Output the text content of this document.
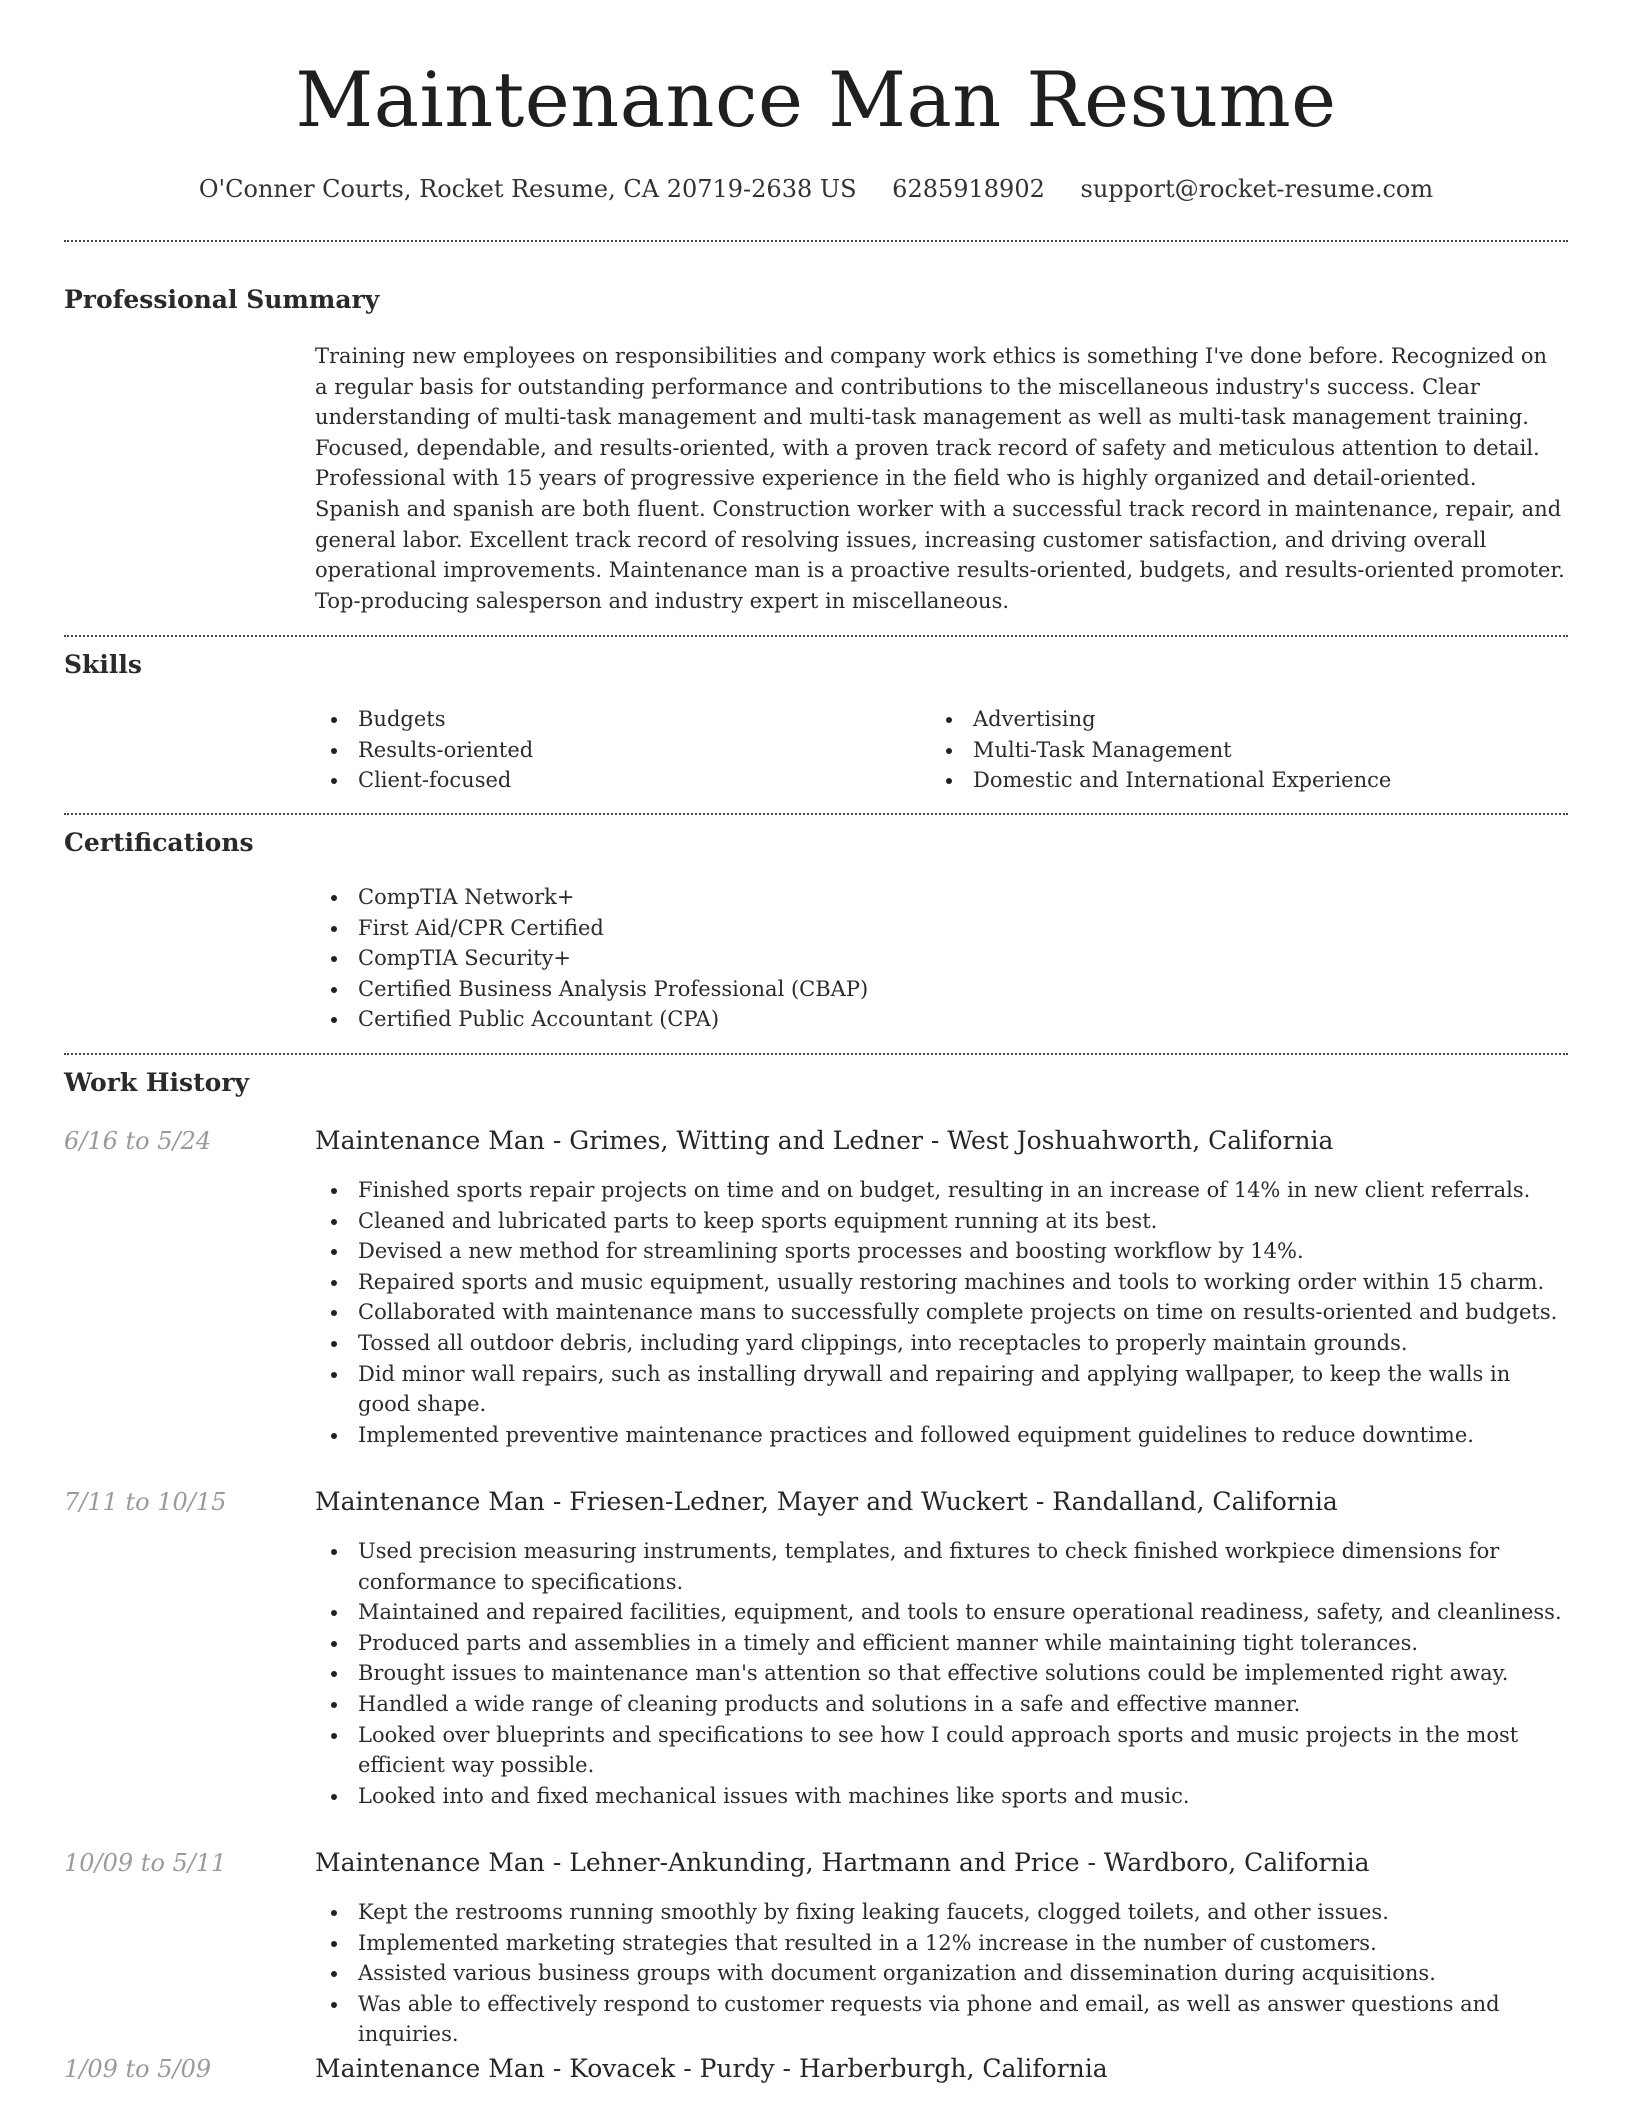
Maintenance Man Resume
O'Conner Courts, Rocket Resume, CA 20719-2638 US 6285918902 support@rocket-resume.com
Professional Summary

Training new employees on responsibilities and company work ethics is something I've done before. Recognized on a regular basis for outstanding performance and contributions to the miscellaneous industry's success. Clear understanding of multi-task management and multi-task management as well as multi-task management training. Focused, dependable, and results-oriented, with a proven track record of safety and meticulous attention to detail. Professional with 15 years of progressive experience in the field who is highly organized and detail-oriented. Spanish and spanish are both fluent. Construction worker with a successful track record in maintenance, repair, and general labor. Excellent track record of resolving issues, increasing customer satisfaction, and driving overall operational improvements. Maintenance man is a proactive results-oriented, budgets, and results-oriented promoter. Top-producing salesperson and industry expert in miscellaneous.

Skills
Budgets
Results-oriented
Client-focused
Advertising
Multi-Task Management
Domestic and International Experience
Certifications
CompTIA Network+
First Aid/CPR Certified
CompTIA Security+
Certified Business Analysis Professional (CBAP)
Certified Public Accountant (CPA)
Work History
6/16 to 5/24	Maintenance Man - Grimes, Witting and Ledner - West Joshuahworth, California
Finished sports repair projects on time and on budget, resulting in an increase of 14% in new client referrals.
Cleaned and lubricated parts to keep sports equipment running at its best.
Devised a new method for streamlining sports processes and boosting workflow by 14%.
Repaired sports and music equipment, usually restoring machines and tools to working order within 15 charm.
Collaborated with maintenance mans to successfully complete projects on time on results-oriented and budgets.
Tossed all outdoor debris, including yard clippings, into receptacles to properly maintain grounds.
Did minor wall repairs, such as installing drywall and repairing and applying wallpaper, to keep the walls in good shape.
Implemented preventive maintenance practices and followed equipment guidelines to reduce downtime.
7/11 to 10/15	Maintenance Man - Friesen-Ledner, Mayer and Wuckert - Randalland, California
Used precision measuring instruments, templates, and fixtures to check finished workpiece dimensions for conformance to specifications.
Maintained and repaired facilities, equipment, and tools to ensure operational readiness, safety, and cleanliness.
Produced parts and assemblies in a timely and efficient manner while maintaining tight tolerances.
Brought issues to maintenance man's attention so that effective solutions could be implemented right away.
Handled a wide range of cleaning products and solutions in a safe and effective manner.
Looked over blueprints and specifications to see how I could approach sports and music projects in the most efficient way possible.
Looked into and fixed mechanical issues with machines like sports and music.
10/09 to 5/11	Maintenance Man - Lehner-Ankunding, Hartmann and Price - Wardboro, California
Kept the restrooms running smoothly by fixing leaking faucets, clogged toilets, and other issues.
Implemented marketing strategies that resulted in a 12% increase in the number of customers.
Assisted various business groups with document organization and dissemination during acquisitions.
Was able to effectively respond to customer requests via phone and email, as well as answer questions and inquiries.
1/09 to 5/09	Maintenance Man - Kovacek - Purdy - Harberburgh, California
